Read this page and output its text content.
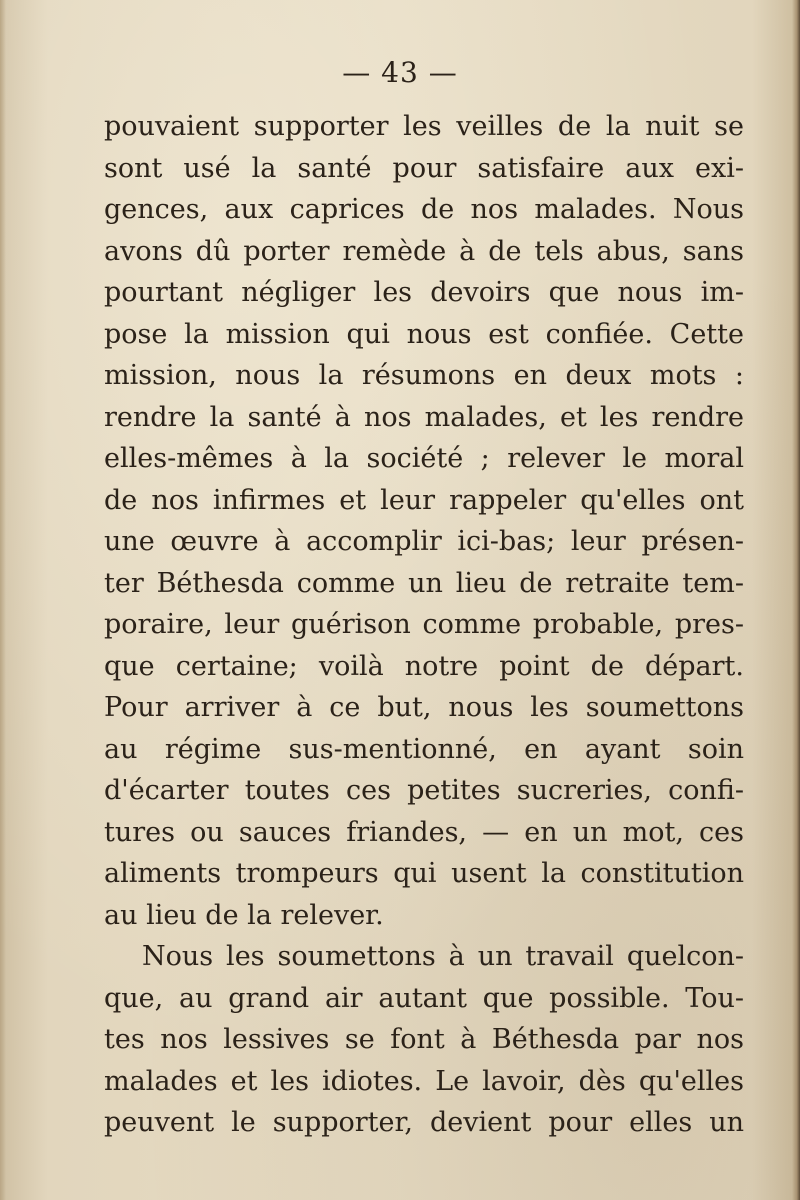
— 43 —
pouvaient supporter les veilles de la nuit se
sont usé la santé pour satisfaire aux exi-
gences, aux caprices de nos malades. Nous
avons dû porter remède à de tels abus, sans
pourtant négliger les devoirs que nous im-
pose la mission qui nous est confiée. Cette
mission, nous la résumons en deux mots :
rendre la santé à nos malades, et les rendre
elles-mêmes à la société ; relever le moral
de nos infirmes et leur rappeler qu'elles ont
une œuvre à accomplir ici-bas; leur présen-
ter Béthesda comme un lieu de retraite tem-
poraire, leur guérison comme probable, pres-
que certaine; voilà notre point de départ.
Pour arriver à ce but, nous les soumettons
au régime sus-mentionné, en ayant soin
d'écarter toutes ces petites sucreries, confi-
tures ou sauces friandes, — en un mot, ces
aliments trompeurs qui usent la constitution
au lieu de la relever.
Nous les soumettons à un travail quelcon-
que, au grand air autant que possible. Tou-
tes nos lessives se font à Béthesda par nos
malades et les idiotes. Le lavoir, dès qu'elles
peuvent le supporter, devient pour elles un
